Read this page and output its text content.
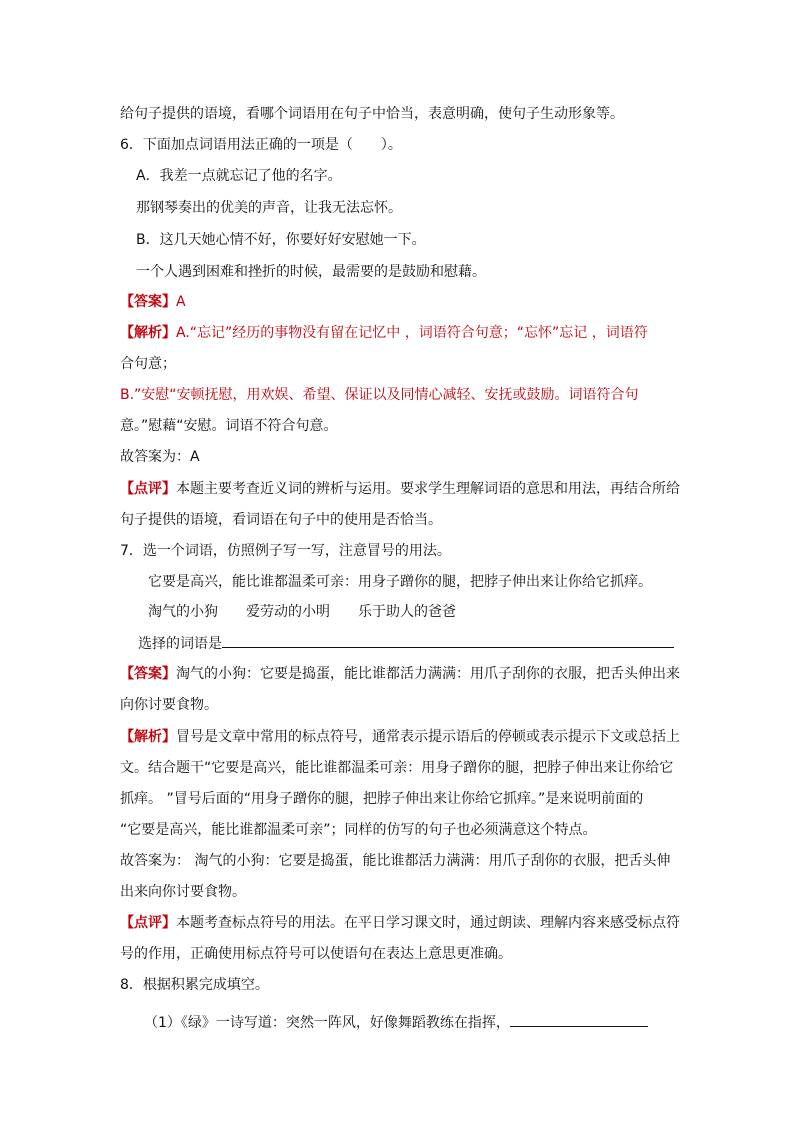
给句子提供的语境，看哪个词语用在句子中恰当，表意明确，使句子生动形象等。
6．下面加点词语用法正确的一项是（　　）。
A．我差一点就忘记了他的名字。
那钢琴奏出的优美的声音，让我无法忘怀。
B．这几天她心情不好，你要好好安慰她一下。
一个人遇到困难和挫折的时候，最需要的是鼓励和慰藉。
【答案】A
【解析】A.“忘记”经历的事物没有留在记忆中 ，词语符合句意；“忘怀”忘记 ，词语符
合句意；
B.”安慰“安顿抚慰，用欢娱、希望、保证以及同情心减轻、安抚或鼓励。词语符合句
意。”慰藉“安慰。词语不符合句意。
故答案为：A
【点评】本题主要考查近义词的辨析与运用。要求学生理解词语的意思和用法，再结合所给
句子提供的语境，看词语在句子中的使用是否恰当。
7．选一个词语，仿照例子写一写，注意冒号的用法。
它要是高兴，能比谁都温柔可亲：用身子蹭你的腿，把脖子伸出来让你给它抓痒。
淘气的小狗 爱劳动的小明 乐于助人的爸爸
选择的词语是
【答案】淘气的小狗：它要是捣蛋，能比谁都活力满满：用爪子刮你的衣服，把舌头伸出来
向你讨要食物。
【解析】冒号是文章中常用的标点符号，通常表示提示语后的停顿或表示提示下文或总括上
文。结合题干“它要是高兴，能比谁都温柔可亲：用身子蹭你的腿，把脖子伸出来让你给它
抓痒。 ”冒号后面的“用身子蹭你的腿，把脖子伸出来让你给它抓痒。”是来说明前面的
“它要是高兴，能比谁都温柔可亲”；同样的仿写的句子也必须满意这个特点。
故答案为： 淘气的小狗：它要是捣蛋，能比谁都活力满满：用爪子刮你的衣服，把舌头伸
出来向你讨要食物。
【点评】本题考查标点符号的用法。在平日学习课文时，通过朗读、理解内容来感受标点符
号的作用，正确使用标点符号可以使语句在表达上意思更准确。
8．根据积累完成填空。
（1）《绿》一诗写道：突然一阵风，好像舞蹈教练在指挥，
